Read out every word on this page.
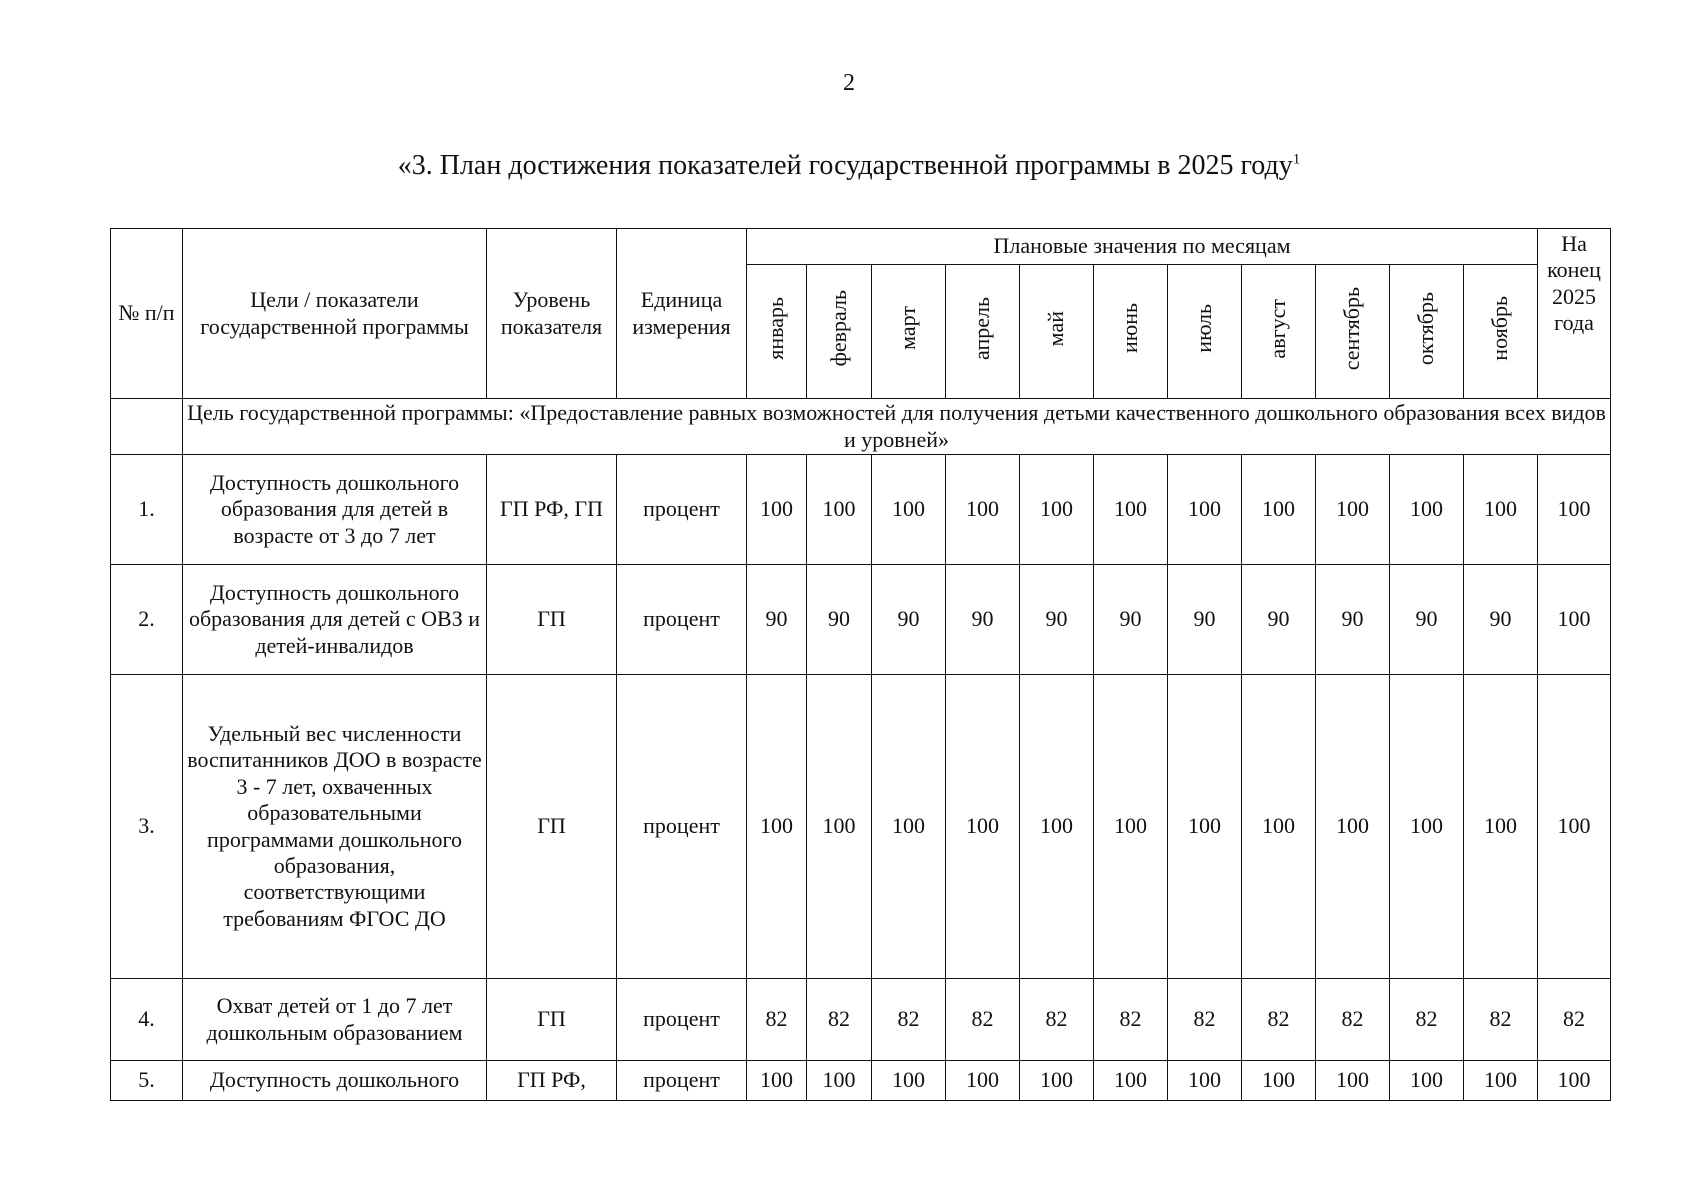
2
«3. План достижения показателей государственной программы в 2025 году$^1$
№ п/п	Цели / показатели государственной программы	Уровень показателя	Единица измерения	Плановые значения по месяцам											На конец 2025 года
				январь	февраль	март	апрель	май	июнь	июль	август	сентябрь	октябрь	ноябрь	
	Цель государственной программы: «Предоставление равных возможностей для получения детьми качественного дошкольного образования всех видов и уровней»														
1.	Доступность дошкольного образования для детей в возрасте от 3 до 7 лет	ГП РФ, ГП	процент	100	100	100	100	100	100	100	100	100	100	100	100
2.	Доступность дошкольного образования для детей с ОВЗ и детей-инвалидов	ГП	процент	90	90	90	90	90	90	90	90	90	90	90	100
3.	Удельный вес численности воспитанников ДОО в возрасте 3 - 7 лет, охваченных образовательными программами дошкольного образования, соответствующими требованиям ФГОС ДО	ГП	процент	100	100	100	100	100	100	100	100	100	100	100	100
4.	Охват детей от 1 до 7 лет дошкольным образованием	ГП	процент	82	82	82	82	82	82	82	82	82	82	82	82
5.	Доступность дошкольного	ГП РФ,	процент	100	100	100	100	100	100	100	100	100	100	100	100
